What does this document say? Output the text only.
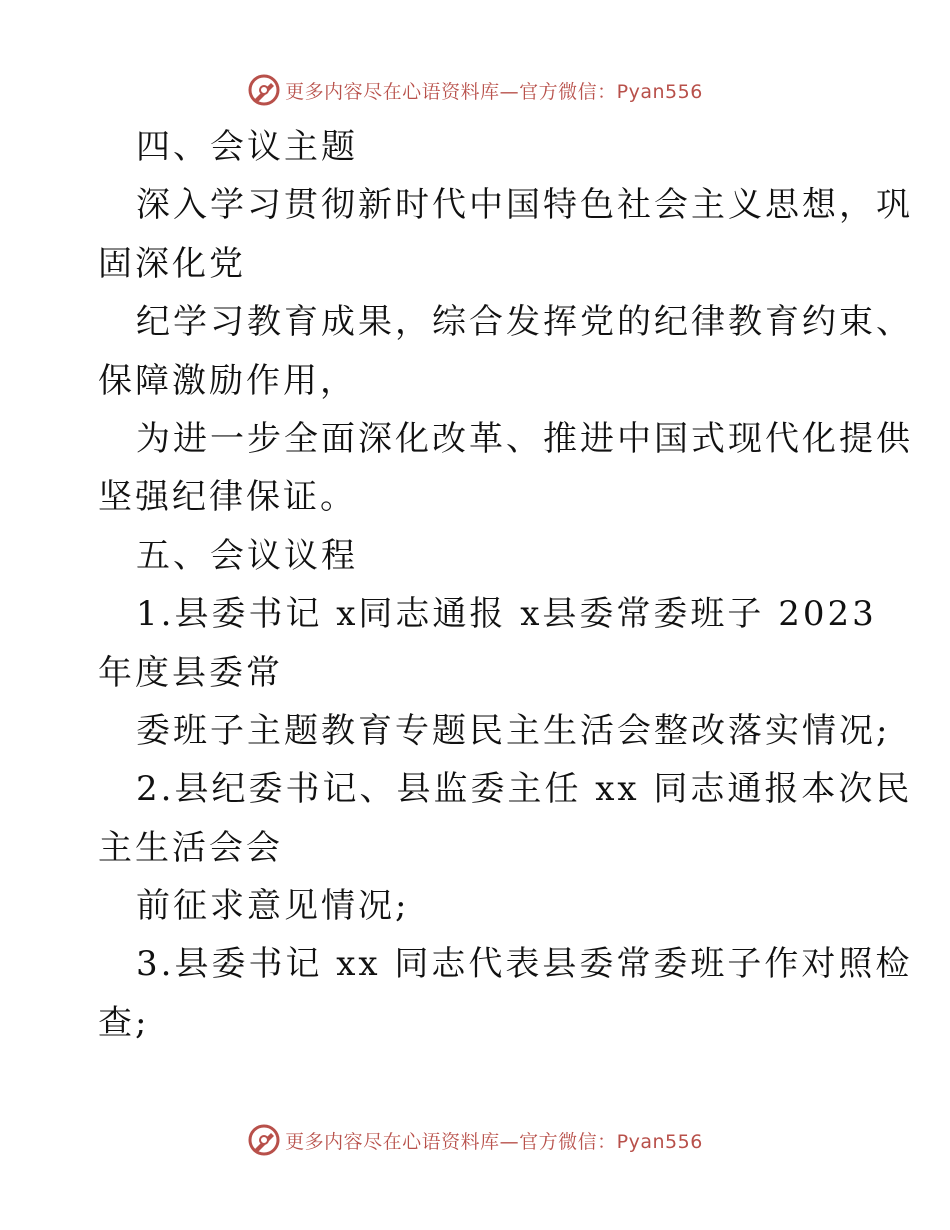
更多内容尽在心语资料库—官方微信：Pyan556
四、会议主题
深入学习贯彻新时代中国特色社会主义思想，巩
固深化党
纪学习教育成果，综合发挥党的纪律教育约束、
保障激励作用，
为进一步全面深化改革、推进中国式现代化提供
坚强纪律保证。
五、会议议程
1.县委书记 x同志通报 x县委常委班子 2023
年度县委常
委班子主题教育专题民主生活会整改落实情况;
2.县纪委书记、县监委主任 xx 同志通报本次民
主生活会会
前征求意见情况;
3.县委书记 xx 同志代表县委常委班子作对照检
查;
更多内容尽在心语资料库—官方微信：Pyan556
